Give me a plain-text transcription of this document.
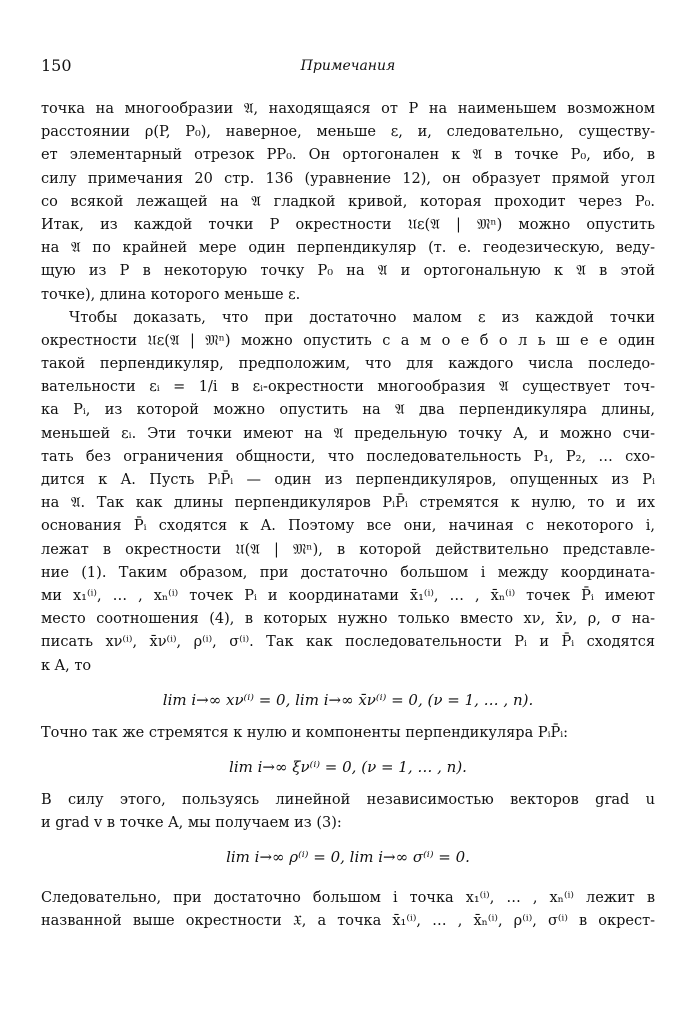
150	Примечания
точка на многообразии 𝔄, находящаяся от P на наименьшем возможном
расстоянии ρ(P, P₀), наверное, меньше ε, и, следовательно, существу-
ет элементарный отрезок PP₀. Он ортогонален к 𝔄 в точке P₀, ибо, в
силу примечания 20 стр. 136 (уравнение 12), он образует прямой угол
со всякой лежащей на 𝔄 гладкой кривой, которая проходит через P₀.
Итак, из каждой точки P окрестности 𝔘ε(𝔄 | 𝔐ⁿ) можно опустить
на 𝔄 по крайней мере один перпендикуляр (т. е. геодезическую, веду-
щую из P в некоторую точку P₀ на 𝔄 и ортогональную к 𝔄 в этой
точке), длина которого меньше ε.
Чтобы доказать, что при достаточно малом ε из каждой точки
окрестности 𝔘ε(𝔄 | 𝔐ⁿ) можно опустить с а м о е б о л ь ш е е один
такой перпендикуляр, предположим, что для каждого числа последо-
вательности εᵢ = 1/i в εᵢ-окрестности многообразия 𝔄 существует точ-
ка Pᵢ, из которой можно опустить на 𝔄 два перпендикуляра длины,
меньшей εᵢ. Эти точки имеют на 𝔄 предельную точку A, и можно счи-
тать без ограничения общности, что последовательность P₁, P₂, … схо-
дится к A. Пусть PᵢP̄ᵢ — один из перпендикуляров, опущенных из Pᵢ
на 𝔄. Так как длины перпендикуляров PᵢP̄ᵢ стремятся к нулю, то и их
основания P̄ᵢ сходятся к A. Поэтому все они, начиная с некоторого i,
лежат в окрестности 𝔘(𝔄 | 𝔐ⁿ), в которой действительно представле-
ние (1). Таким образом, при достаточно большом i между координата-
ми x₁⁽ⁱ⁾, … , xₙ⁽ⁱ⁾ точек Pᵢ и координатами x̄₁⁽ⁱ⁾, … , x̄ₙ⁽ⁱ⁾ точек P̄ᵢ имеют
место соотношения (4), в которых нужно только вместо xν, x̄ν, ρ, σ на-
писать xν⁽ⁱ⁾, x̄ν⁽ⁱ⁾, ρ⁽ⁱ⁾, σ⁽ⁱ⁾. Так как последовательности Pᵢ и P̄ᵢ сходятся
к A, то
lim i→∞ xν⁽ⁱ⁾ = 0, lim i→∞ x̄ν⁽ⁱ⁾ = 0, (ν = 1, … , n).
Точно так же стремятся к нулю и компоненты перпендикуляра PᵢP̄ᵢ:
lim i→∞ ξν⁽ⁱ⁾ = 0, (ν = 1, … , n).
В силу этого, пользуясь линейной независимостью векторов grad u
и grad v в точке A, мы получаем из (3):
lim i→∞ ρ⁽ⁱ⁾ = 0, lim i→∞ σ⁽ⁱ⁾ = 0.
Следовательно, при достаточно большом i точка x₁⁽ⁱ⁾, … , xₙ⁽ⁱ⁾ лежит в
названной выше окрестности 𝔛, а точка x̄₁⁽ⁱ⁾, … , x̄ₙ⁽ⁱ⁾, ρ⁽ⁱ⁾, σ⁽ⁱ⁾ в окрест-
